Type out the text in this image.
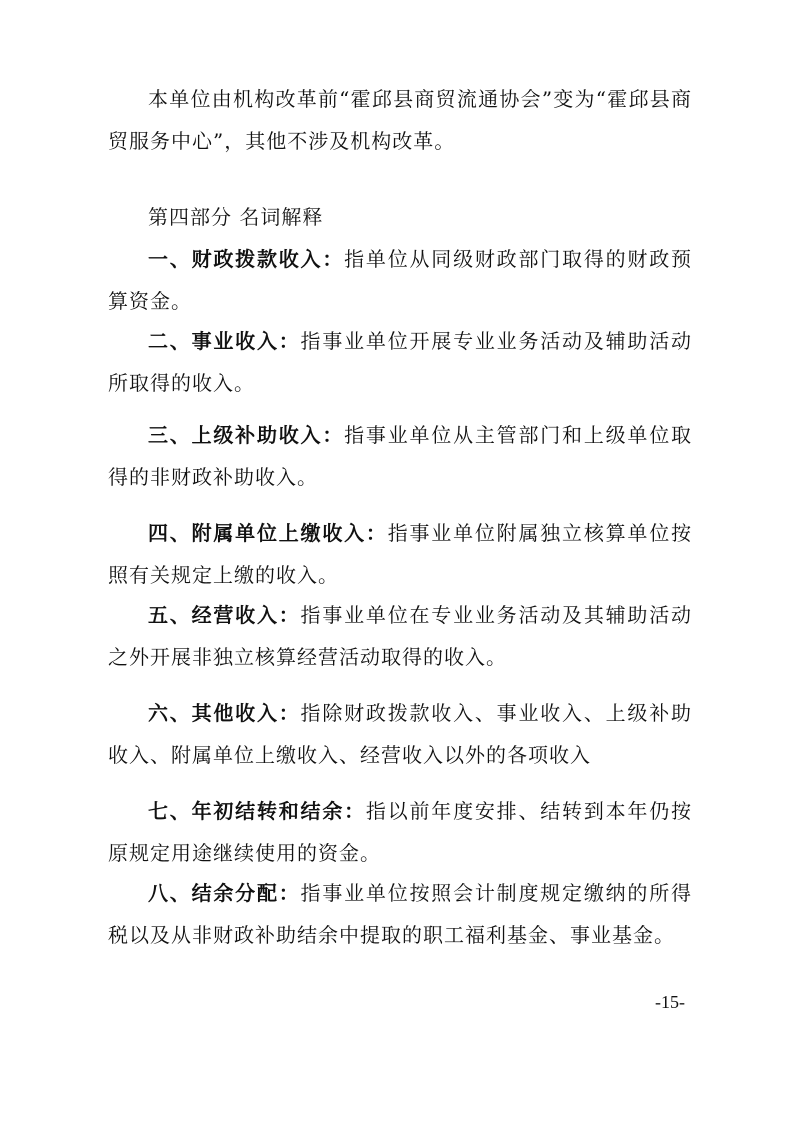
本单位由机构改革前“霍邱县商贸流通协会”变为“霍邱县商贸服务中心”，其他不涉及机构改革。

第四部分 名词解释

一、财政拨款收入：指单位从同级财政部门取得的财政预算资金。

二、事业收入：指事业单位开展专业业务活动及辅助活动所取得的收入。

三、上级补助收入：指事业单位从主管部门和上级单位取得的非财政补助收入。

四、附属单位上缴收入：指事业单位附属独立核算单位按照有关规定上缴的收入。

五、经营收入：指事业单位在专业业务活动及其辅助活动之外开展非独立核算经营活动取得的收入。

六、其他收入：指除财政拨款收入、事业收入、上级补助收入、附属单位上缴收入、经营收入以外的各项收入

七、年初结转和结余：指以前年度安排、结转到本年仍按原规定用途继续使用的资金。

八、结余分配：指事业单位按照会计制度规定缴纳的所得税以及从非财政补助结余中提取的职工福利基金、事业基金。

-15-
